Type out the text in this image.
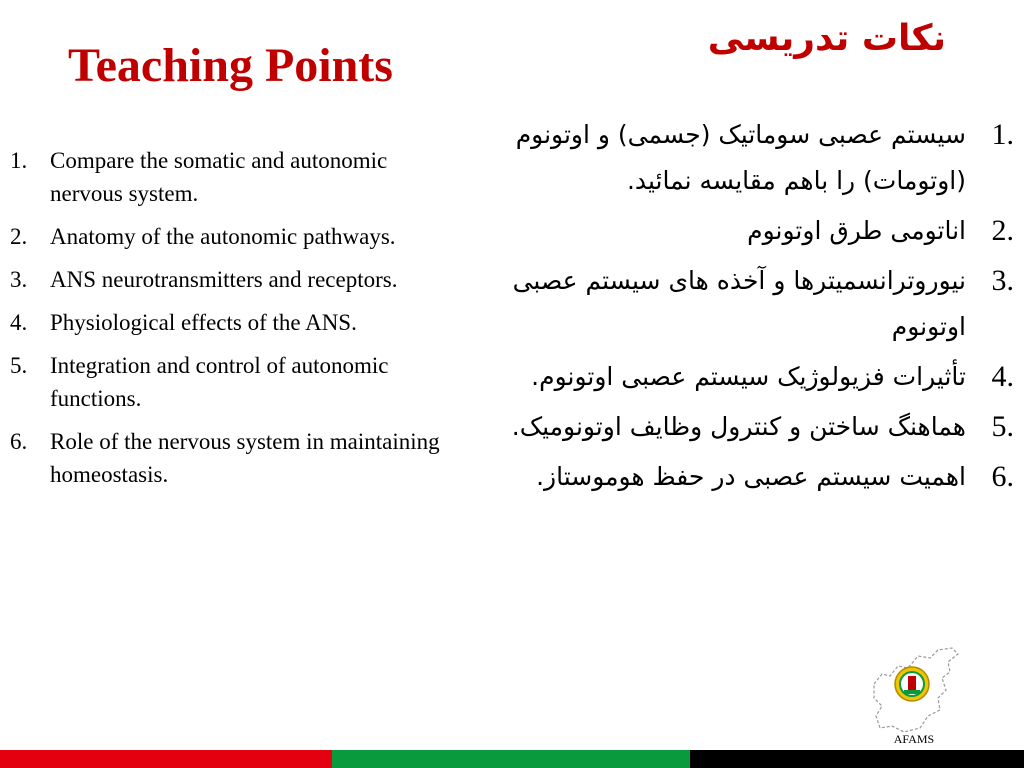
Teaching Points
نکات تدریسی
1. Compare the somatic and autonomic nervous system.
2. Anatomy of the autonomic pathways.
3. ANS neurotransmitters and receptors.
4. Physiological effects of the ANS.
5. Integration and control of autonomic functions.
6. Role of the nervous system in maintaining homeostasis.
1.
سیستم عصبی سوماتیک (جسمی) و اوتونوم (اوتومات) را باهم مقایسه نمائید.
2.
اناتومی طرق اوتونوم
3.
نیوروترانسمیترها و آخذه های سیستم عصبی اوتونوم
4.
تأثیرات فزیولوژیک سیستم عصبی اوتونوم.
5.
هماهنگ ساختن و کنترول وظایف اوتونومیک.
6.
اهمیت سیستم عصبی در حفظ هوموستاز.
AFAMS
